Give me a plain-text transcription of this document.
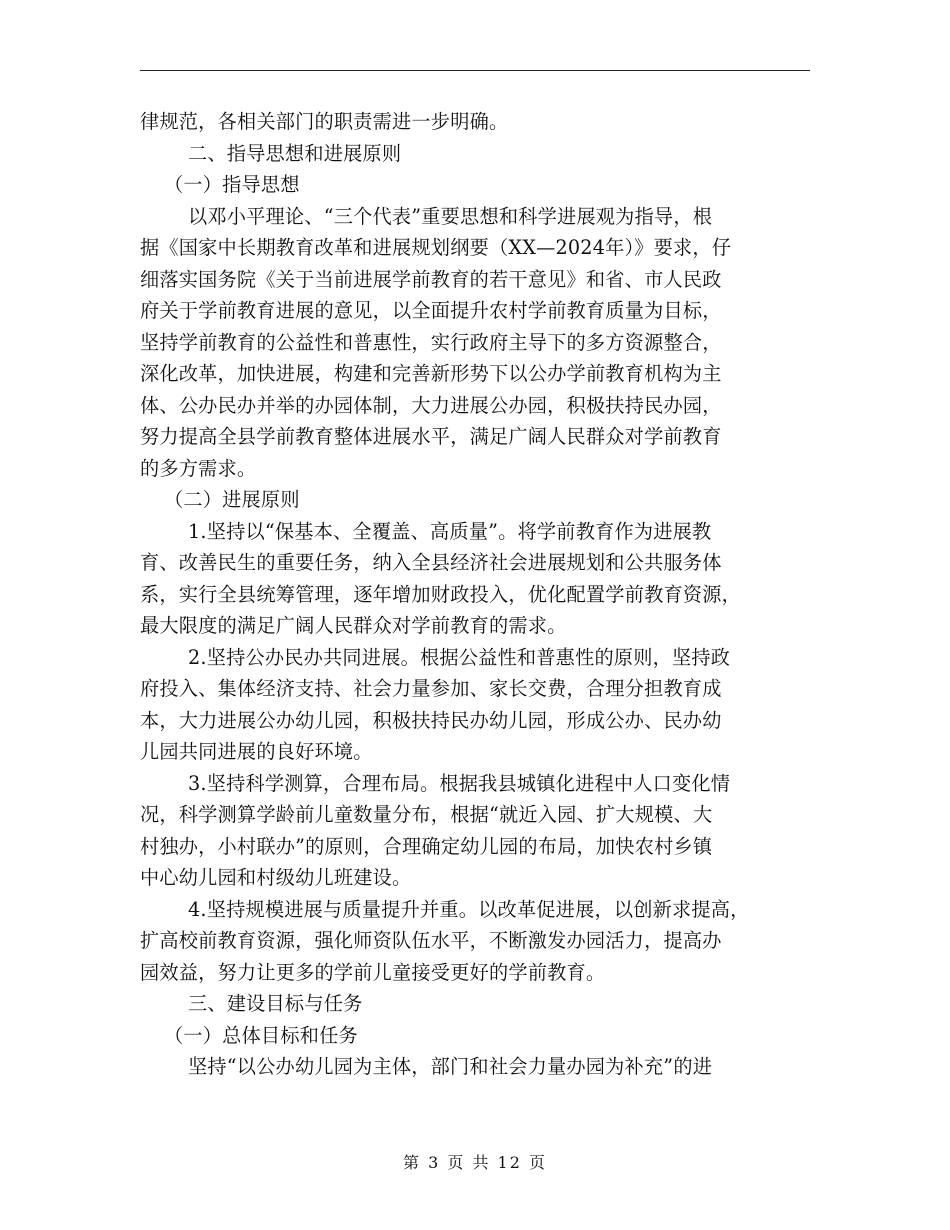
律规范，各相关部门的职责需进一步明确。
二、指导思想和进展原则
（一）指导思想
以邓小平理论、“三个代表”重要思想和科学进展观为指导，根
据《国家中长期教育改革和进展规划纲要（XX—2024年）》要求，仔
细落实国务院《关于当前进展学前教育的若干意见》和省、市人民政
府关于学前教育进展的意见，以全面提升农村学前教育质量为目标，
坚持学前教育的公益性和普惠性，实行政府主导下的多方资源整合，
深化改革，加快进展，构建和完善新形势下以公办学前教育机构为主
体、公办民办并举的办园体制，大力进展公办园，积极扶持民办园，
努力提高全县学前教育整体进展水平，满足广阔人民群众对学前教育
的多方需求。
（二）进展原则
1.坚持以“保基本、全覆盖、高质量”。将学前教育作为进展教
育、改善民生的重要任务，纳入全县经济社会进展规划和公共服务体
系，实行全县统筹管理，逐年增加财政投入，优化配置学前教育资源，
最大限度的满足广阔人民群众对学前教育的需求。
2.坚持公办民办共同进展。根据公益性和普惠性的原则，坚持政
府投入、集体经济支持、社会力量参加、家长交费，合理分担教育成
本，大力进展公办幼儿园，积极扶持民办幼儿园，形成公办、民办幼
儿园共同进展的良好环境。
3.坚持科学测算，合理布局。根据我县城镇化进程中人口变化情
况，科学测算学龄前儿童数量分布，根据“就近入园、扩大规模、大
村独办，小村联办”的原则，合理确定幼儿园的布局，加快农村乡镇
中心幼儿园和村级幼儿班建设。
4.坚持规模进展与质量提升并重。以改革促进展，以创新求提高，
扩高校前教育资源，强化师资队伍水平，不断激发办园活力，提高办
园效益，努力让更多的学前儿童接受更好的学前教育。
三、建设目标与任务
（一）总体目标和任务
坚持“以公办幼儿园为主体，部门和社会力量办园为补充”的进
第 3 页 共 12 页
